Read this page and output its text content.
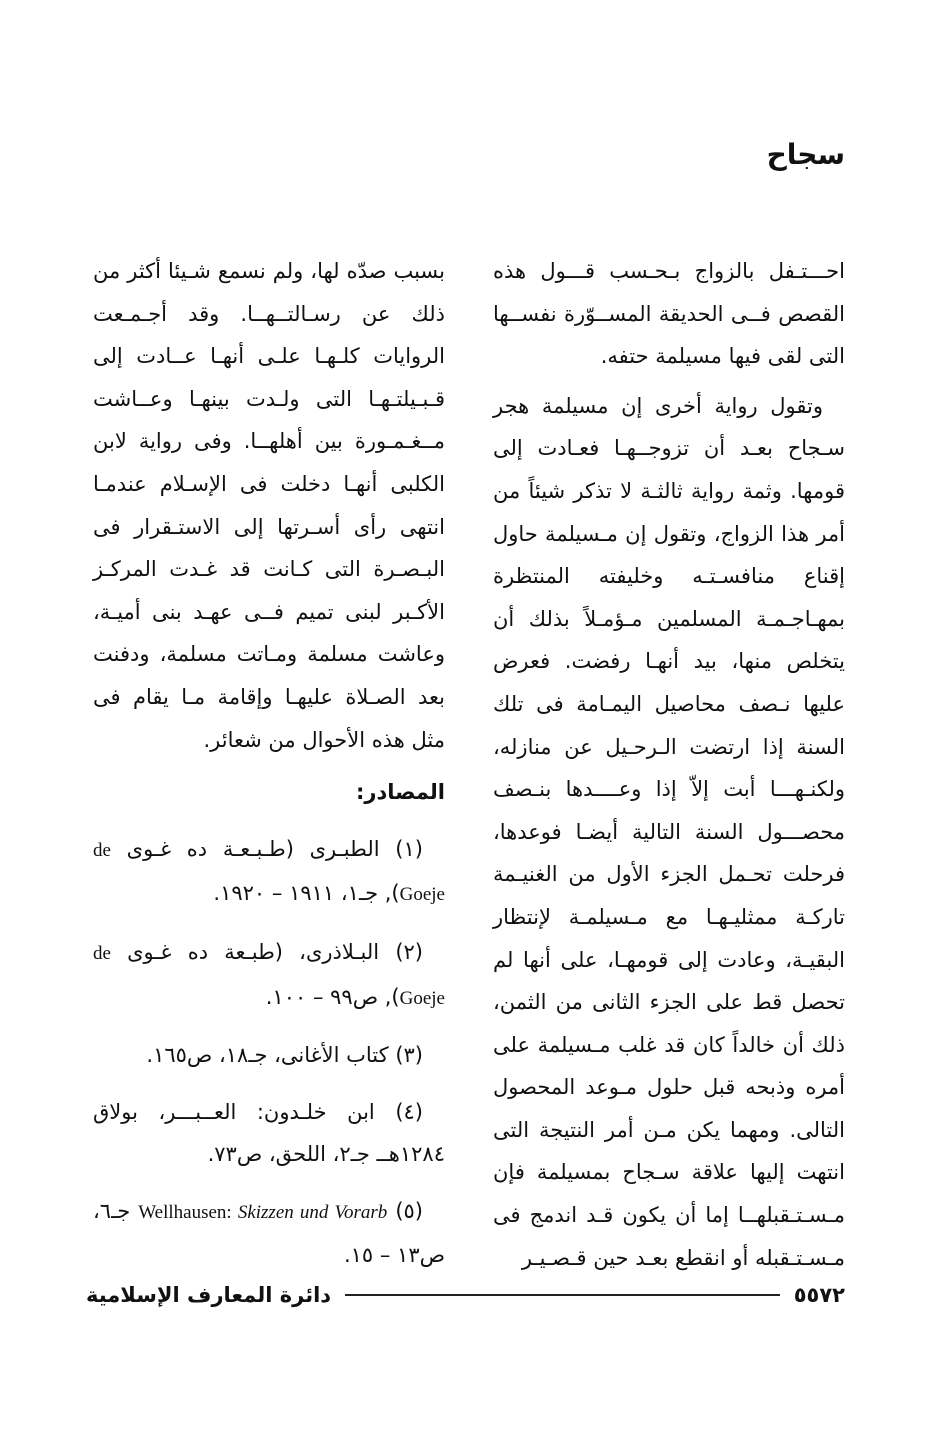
سجاح

احـــتـفل بالزواج بـحـسب قـــول هذه القصص فــى الحديقة المســوّرة نفســها التى لقى فيها مسيلمة حتفه.

وتقول رواية أخرى إن مسيلمة هجر سـجاح بعـد أن تزوجــهـا فعـادت إلى قومها. وثمة رواية ثالثـة لا تذكر شيئاً من أمر هذا الزواج، وتقول إن مـسيلمة حاول إقناع منافسـتـه وخليفته المنتظرة بمهـاجـمـة المسلمين مـؤمـلاً بذلك أن يتخلص منها، بيد أنهـا رفضت. فعرض عليها نـصف محاصيل اليمـامة فى تلك السنة إذا ارتضت الـرحـيل عن منازله، ولكنـهـــا أبت إلاّ إذا وعــــدها بنـصف محصـــول السنة التالية أيضـا فوعدها، فرحلت تحـمل الجزء الأول من الغنيـمة تاركـة ممثليـهـا مع مـسيلمـة لإنتظار البقيـة، وعادت إلى قومهـا، على أنها لم تحصل قط على الجزء الثانى من الثمن، ذلك أن خالداً كان قد غلب مـسيلمة على أمره وذبحه قبل حلول مـوعد المحصول التالى. ومهما يكن مـن أمر النتيجة التى انتهت إليها علاقة سـجاح بمسيلمة فإن مـسـتـقبلهــا إما أن يكون قـد اندمج فى مـسـتـقبله أو انقطع بعـد حين قـصـيـر

بسبب صدّه لها، ولم نسمع شـيئا أكثر من ذلك عن رسـالتــهــا. وقد أجـمـعت الروايات كلـهـا علـى أنهـا عــادت إلى قـبـيلتـهـا التى ولـدت بينهـا وعــاشت مــغـمـورة بين أهلهــا. وفى رواية لابن الكلبى أنهـا دخلت فى الإسـلام عندمـا انتهى رأى أسـرتها إلى الاستـقرار فى البـصـرة التى كـانت قد غـدت المركـز الأكـبر لبنى تميم فــى عهـد بنى أميـة، وعاشت مسلمة ومـاتت مسلمة، ودفنت بعد الصـلاة عليهـا وإقامة مـا يقام فى مثل هذه الأحوال من شعائر.

المصادر:

(١) الطبـرى (طـبـعـة ده غـوى de Goeje), جـ١، ١٩١١ – ١٩٢٠.

(٢) البـلاذرى، (طبـعة ده غـوى de Goeje), ص٩٩ – ١٠٠.

(٣) كتاب الأغانى، جـ١٨، ص١٦٥.

(٤) ابن خلـدون: العــبـــر، بولاق ١٢٨٤هــ جـ٢، اللحق، ص٧٣.

(٥) Wellhausen: Skizzen und Vorarb جـ٦، ص١٣ – ١٥.

٥٥٧٢
دائرة المعارف الإسلامية
